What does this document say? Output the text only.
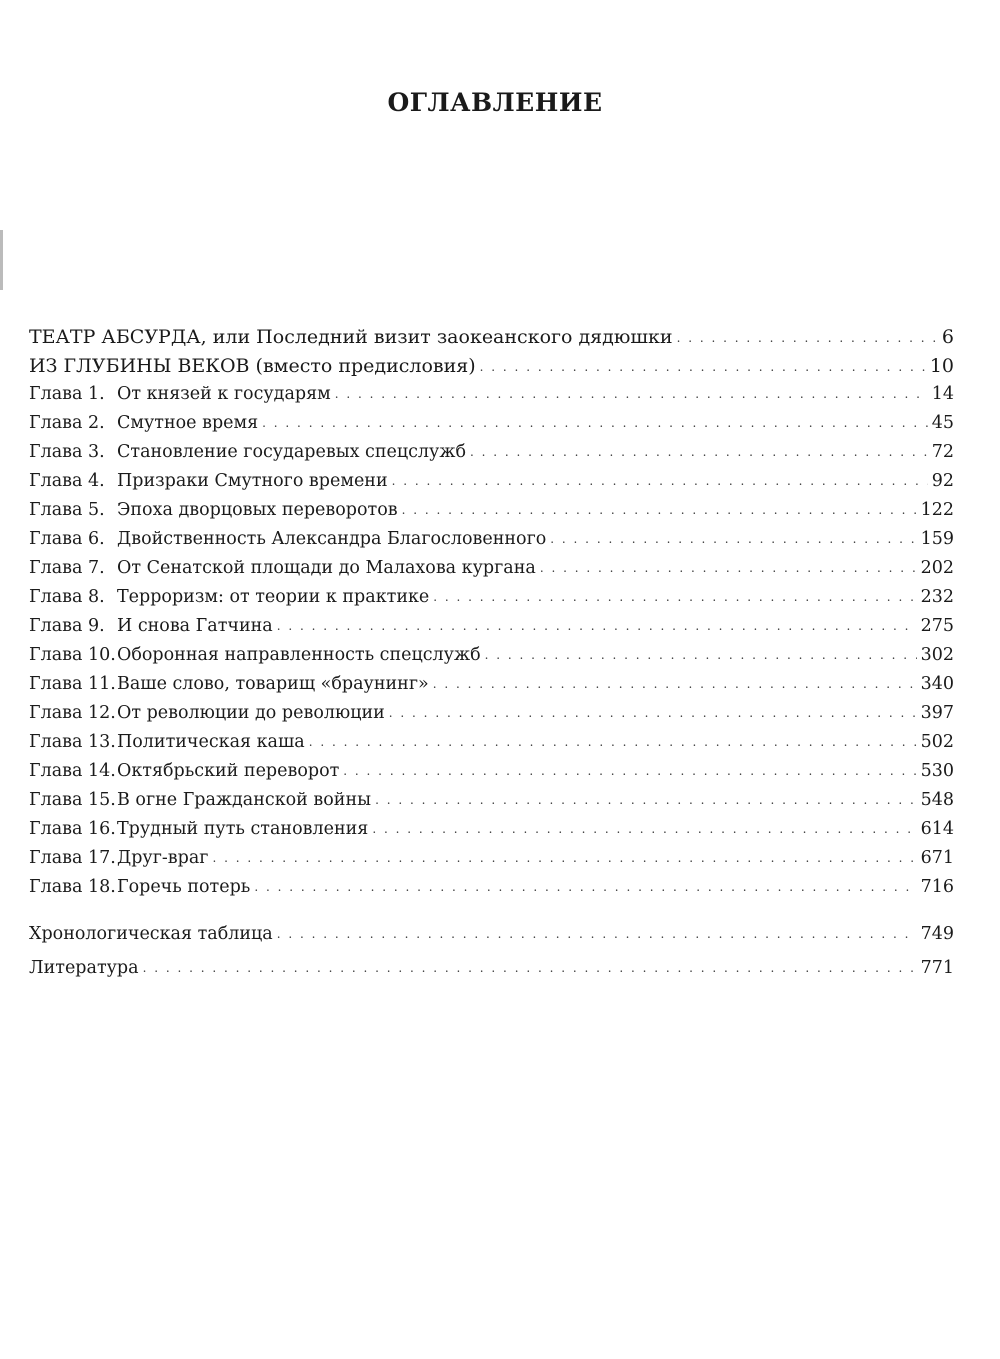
ОГЛАВЛЕНИЕ
ТЕАТР АБСУРДА, или Последний визит заокеанского дядюшки . . .	6
ИЗ ГЛУБИНЫ ВЕКОВ (вместо предисловия) . . .	10
Глава 1. От князей к государям . . .	14
Глава 2. Смутное время . . .	45
Глава 3. Становление государевых спецслужб . . .	72
Глава 4. Призраки Смутного времени . . .	92
Глава 5. Эпоха дворцовых переворотов . . .	122
Глава 6. Двойственность Александра Благословенного . . .	159
Глава 7. От Сенатской площади до Малахова кургана . . .	202
Глава 8. Терроризм: от теории к практике . . .	232
Глава 9. И снова Гатчина . . .	275
Глава 10. Оборонная направленность спецслужб . . .	302
Глава 11. Ваше слово, товарищ «браунинг» . . .	340
Глава 12. От революции до революции . . .	397
Глава 13. Политическая каша . . .	502
Глава 14. Октябрьский переворот . . .	530
Глава 15. В огне Гражданской войны . . .	548
Глава 16. Трудный путь становления . . .	614
Глава 17. Друг-враг . . .	671
Глава 18. Горечь потерь . . .	716
Хронологическая таблица . . .	749
Литература . . .	771
